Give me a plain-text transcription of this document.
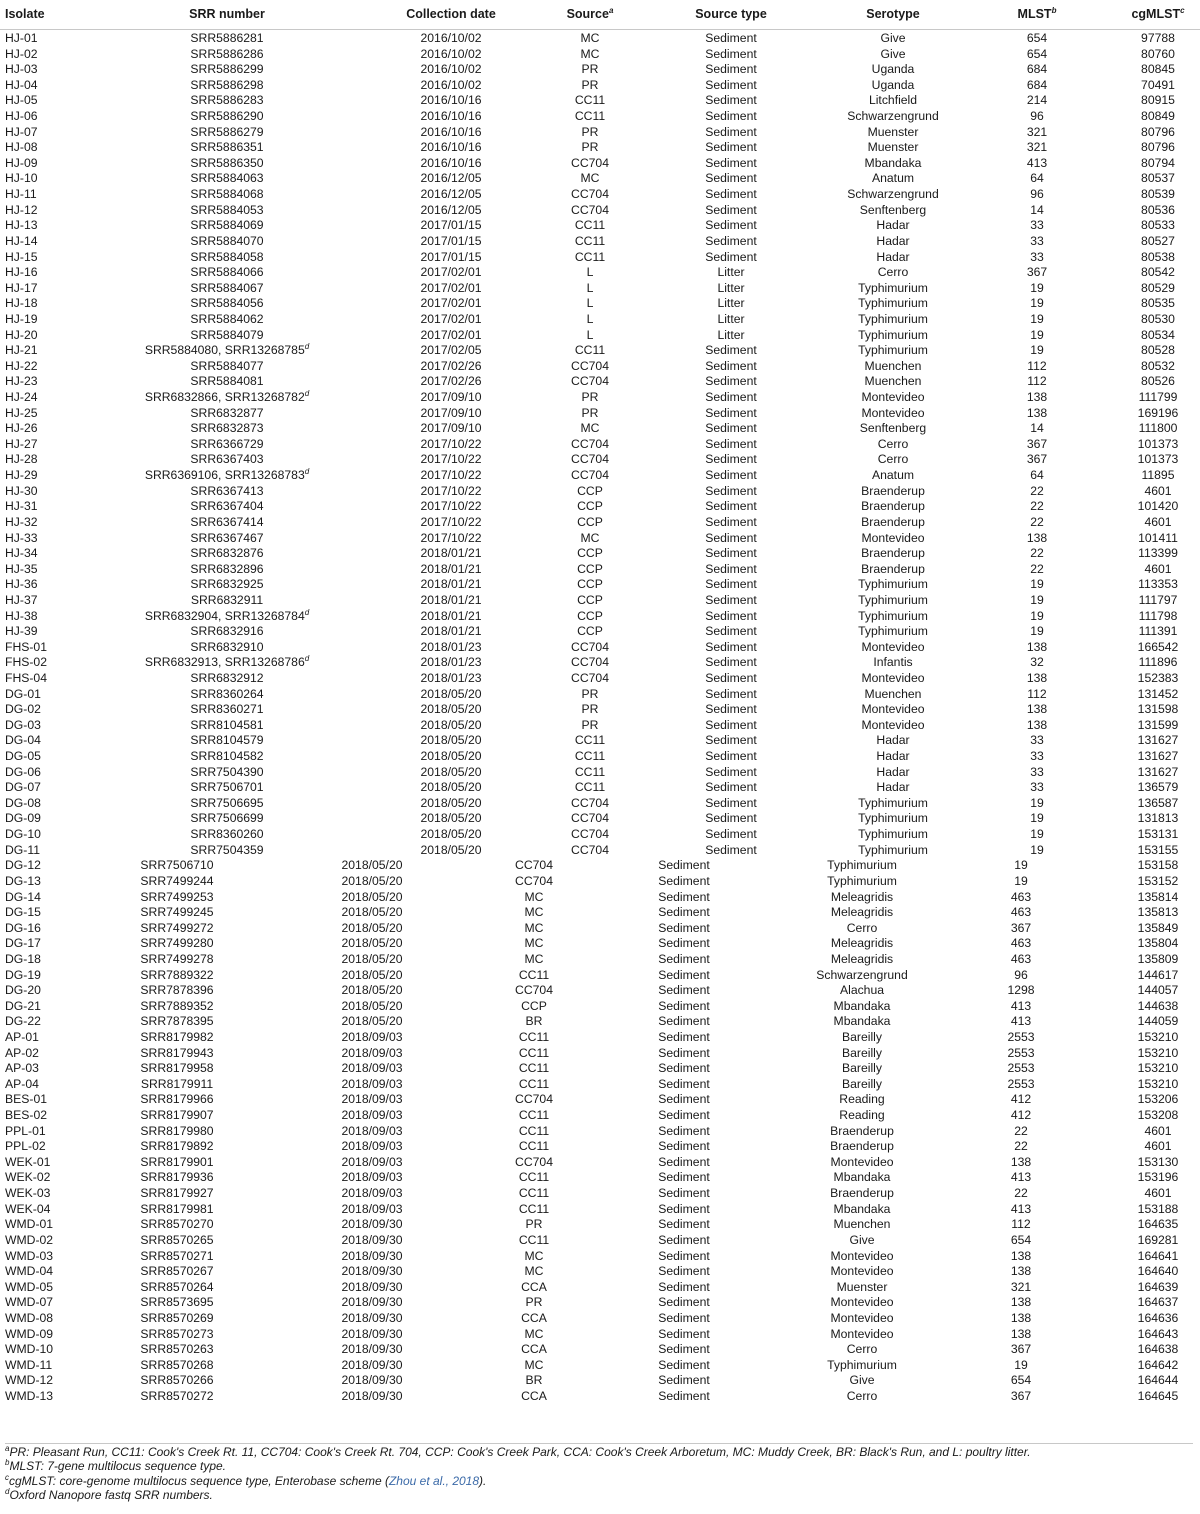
Isolate	SRR number	Collection date	Source$^a$	Source type	Serotype	MLST$^b$	cgMLST$^c$
HJ-01	SRR5886281	2016/10/02	MC	Sediment	Give	654	97788
HJ-02	SRR5886286	2016/10/02	MC	Sediment	Give	654	80760
HJ-03	SRR5886299	2016/10/02	PR	Sediment	Uganda	684	80845
HJ-04	SRR5886298	2016/10/02	PR	Sediment	Uganda	684	70491
HJ-05	SRR5886283	2016/10/16	CC11	Sediment	Litchfield	214	80915
HJ-06	SRR5886290	2016/10/16	CC11	Sediment	Schwarzengrund	96	80849
HJ-07	SRR5886279	2016/10/16	PR	Sediment	Muenster	321	80796
HJ-08	SRR5886351	2016/10/16	PR	Sediment	Muenster	321	80796
HJ-09	SRR5886350	2016/10/16	CC704	Sediment	Mbandaka	413	80794
HJ-10	SRR5884063	2016/12/05	MC	Sediment	Anatum	64	80537
HJ-11	SRR5884068	2016/12/05	CC704	Sediment	Schwarzengrund	96	80539
HJ-12	SRR5884053	2016/12/05	CC704	Sediment	Senftenberg	14	80536
HJ-13	SRR5884069	2017/01/15	CC11	Sediment	Hadar	33	80533
HJ-14	SRR5884070	2017/01/15	CC11	Sediment	Hadar	33	80527
HJ-15	SRR5884058	2017/01/15	CC11	Sediment	Hadar	33	80538
HJ-16	SRR5884066	2017/02/01	L	Litter	Cerro	367	80542
HJ-17	SRR5884067	2017/02/01	L	Litter	Typhimurium	19	80529
HJ-18	SRR5884056	2017/02/01	L	Litter	Typhimurium	19	80535
HJ-19	SRR5884062	2017/02/01	L	Litter	Typhimurium	19	80530
HJ-20	SRR5884079	2017/02/01	L	Litter	Typhimurium	19	80534
HJ-21	SRR5884080, SRR13268785$^d$	2017/02/05	CC11	Sediment	Typhimurium	19	80528
HJ-22	SRR5884077	2017/02/26	CC704	Sediment	Muenchen	112	80532
HJ-23	SRR5884081	2017/02/26	CC704	Sediment	Muenchen	112	80526
HJ-24	SRR6832866, SRR13268782$^d$	2017/09/10	PR	Sediment	Montevideo	138	111799
HJ-25	SRR6832877	2017/09/10	PR	Sediment	Montevideo	138	169196
HJ-26	SRR6832873	2017/09/10	MC	Sediment	Senftenberg	14	111800
HJ-27	SRR6366729	2017/10/22	CC704	Sediment	Cerro	367	101373
HJ-28	SRR6367403	2017/10/22	CC704	Sediment	Cerro	367	101373
HJ-29	SRR6369106, SRR13268783$^d$	2017/10/22	CC704	Sediment	Anatum	64	11895
HJ-30	SRR6367413	2017/10/22	CCP	Sediment	Braenderup	22	4601
HJ-31	SRR6367404	2017/10/22	CCP	Sediment	Braenderup	22	101420
HJ-32	SRR6367414	2017/10/22	CCP	Sediment	Braenderup	22	4601
HJ-33	SRR6367467	2017/10/22	MC	Sediment	Montevideo	138	101411
HJ-34	SRR6832876	2018/01/21	CCP	Sediment	Braenderup	22	113399
HJ-35	SRR6832896	2018/01/21	CCP	Sediment	Braenderup	22	4601
HJ-36	SRR6832925	2018/01/21	CCP	Sediment	Typhimurium	19	113353
HJ-37	SRR6832911	2018/01/21	CCP	Sediment	Typhimurium	19	111797
HJ-38	SRR6832904, SRR13268784$^d$	2018/01/21	CCP	Sediment	Typhimurium	19	111798
HJ-39	SRR6832916	2018/01/21	CCP	Sediment	Typhimurium	19	111391
FHS-01	SRR6832910	2018/01/23	CC704	Sediment	Montevideo	138	166542
FHS-02	SRR6832913, SRR13268786$^d$	2018/01/23	CC704	Sediment	Infantis	32	111896
FHS-04	SRR6832912	2018/01/23	CC704	Sediment	Montevideo	138	152383
DG-01	SRR8360264	2018/05/20	PR	Sediment	Muenchen	112	131452
DG-02	SRR8360271	2018/05/20	PR	Sediment	Montevideo	138	131598
DG-03	SRR8104581	2018/05/20	PR	Sediment	Montevideo	138	131599
DG-04	SRR8104579	2018/05/20	CC11	Sediment	Hadar	33	131627
DG-05	SRR8104582	2018/05/20	CC11	Sediment	Hadar	33	131627
DG-06	SRR7504390	2018/05/20	CC11	Sediment	Hadar	33	131627
DG-07	SRR7506701	2018/05/20	CC11	Sediment	Hadar	33	136579
DG-08	SRR7506695	2018/05/20	CC704	Sediment	Typhimurium	19	136587
DG-09	SRR7506699	2018/05/20	CC704	Sediment	Typhimurium	19	131813
DG-10	SRR8360260	2018/05/20	CC704	Sediment	Typhimurium	19	153131
DG-11	SRR7504359	2018/05/20	CC704	Sediment	Typhimurium	19	153155
DG-12	SRR7506710	2018/05/20	CC704	Sediment	Typhimurium	19	153158
DG-13	SRR7499244	2018/05/20	CC704	Sediment	Typhimurium	19	153152
DG-14	SRR7499253	2018/05/20	MC	Sediment	Meleagridis	463	135814
DG-15	SRR7499245	2018/05/20	MC	Sediment	Meleagridis	463	135813
DG-16	SRR7499272	2018/05/20	MC	Sediment	Cerro	367	135849
DG-17	SRR7499280	2018/05/20	MC	Sediment	Meleagridis	463	135804
DG-18	SRR7499278	2018/05/20	MC	Sediment	Meleagridis	463	135809
DG-19	SRR7889322	2018/05/20	CC11	Sediment	Schwarzengrund	96	144617
DG-20	SRR7878396	2018/05/20	CC704	Sediment	Alachua	1298	144057
DG-21	SRR7889352	2018/05/20	CCP	Sediment	Mbandaka	413	144638
DG-22	SRR7878395	2018/05/20	BR	Sediment	Mbandaka	413	144059
AP-01	SRR8179982	2018/09/03	CC11	Sediment	Bareilly	2553	153210
AP-02	SRR8179943	2018/09/03	CC11	Sediment	Bareilly	2553	153210
AP-03	SRR8179958	2018/09/03	CC11	Sediment	Bareilly	2553	153210
AP-04	SRR8179911	2018/09/03	CC11	Sediment	Bareilly	2553	153210
BES-01	SRR8179966	2018/09/03	CC704	Sediment	Reading	412	153206
BES-02	SRR8179907	2018/09/03	CC11	Sediment	Reading	412	153208
PPL-01	SRR8179980	2018/09/03	CC11	Sediment	Braenderup	22	4601
PPL-02	SRR8179892	2018/09/03	CC11	Sediment	Braenderup	22	4601
WEK-01	SRR8179901	2018/09/03	CC704	Sediment	Montevideo	138	153130
WEK-02	SRR8179936	2018/09/03	CC11	Sediment	Mbandaka	413	153196
WEK-03	SRR8179927	2018/09/03	CC11	Sediment	Braenderup	22	4601
WEK-04	SRR8179981	2018/09/03	CC11	Sediment	Mbandaka	413	153188
WMD-01	SRR8570270	2018/09/30	PR	Sediment	Muenchen	112	164635
WMD-02	SRR8570265	2018/09/30	CC11	Sediment	Give	654	169281
WMD-03	SRR8570271	2018/09/30	MC	Sediment	Montevideo	138	164641
WMD-04	SRR8570267	2018/09/30	MC	Sediment	Montevideo	138	164640
WMD-05	SRR8570264	2018/09/30	CCA	Sediment	Muenster	321	164639
WMD-07	SRR8573695	2018/09/30	PR	Sediment	Montevideo	138	164637
WMD-08	SRR8570269	2018/09/30	CCA	Sediment	Montevideo	138	164636
WMD-09	SRR8570273	2018/09/30	MC	Sediment	Montevideo	138	164643
WMD-10	SRR8570263	2018/09/30	CCA	Sediment	Cerro	367	164638
WMD-11	SRR8570268	2018/09/30	MC	Sediment	Typhimurium	19	164642
WMD-12	SRR8570266	2018/09/30	BR	Sediment	Give	654	164644
WMD-13	SRR8570272	2018/09/30	CCA	Sediment	Cerro	367	164645

$^a$PR: Pleasant Run, CC11: Cook's Creek Rt. 11, CC704: Cook's Creek Rt. 704, CCP: Cook's Creek Park, CCA: Cook's Creek Arboretum, MC: Muddy Creek, BR: Black's Run, and L: poultry litter.

$^b$MLST: 7-gene multilocus sequence type.

$^c$cgMLST: core-genome multilocus sequence type, Enterobase scheme (Zhou et al., 2018).

$^d$Oxford Nanopore fastq SRR numbers.
